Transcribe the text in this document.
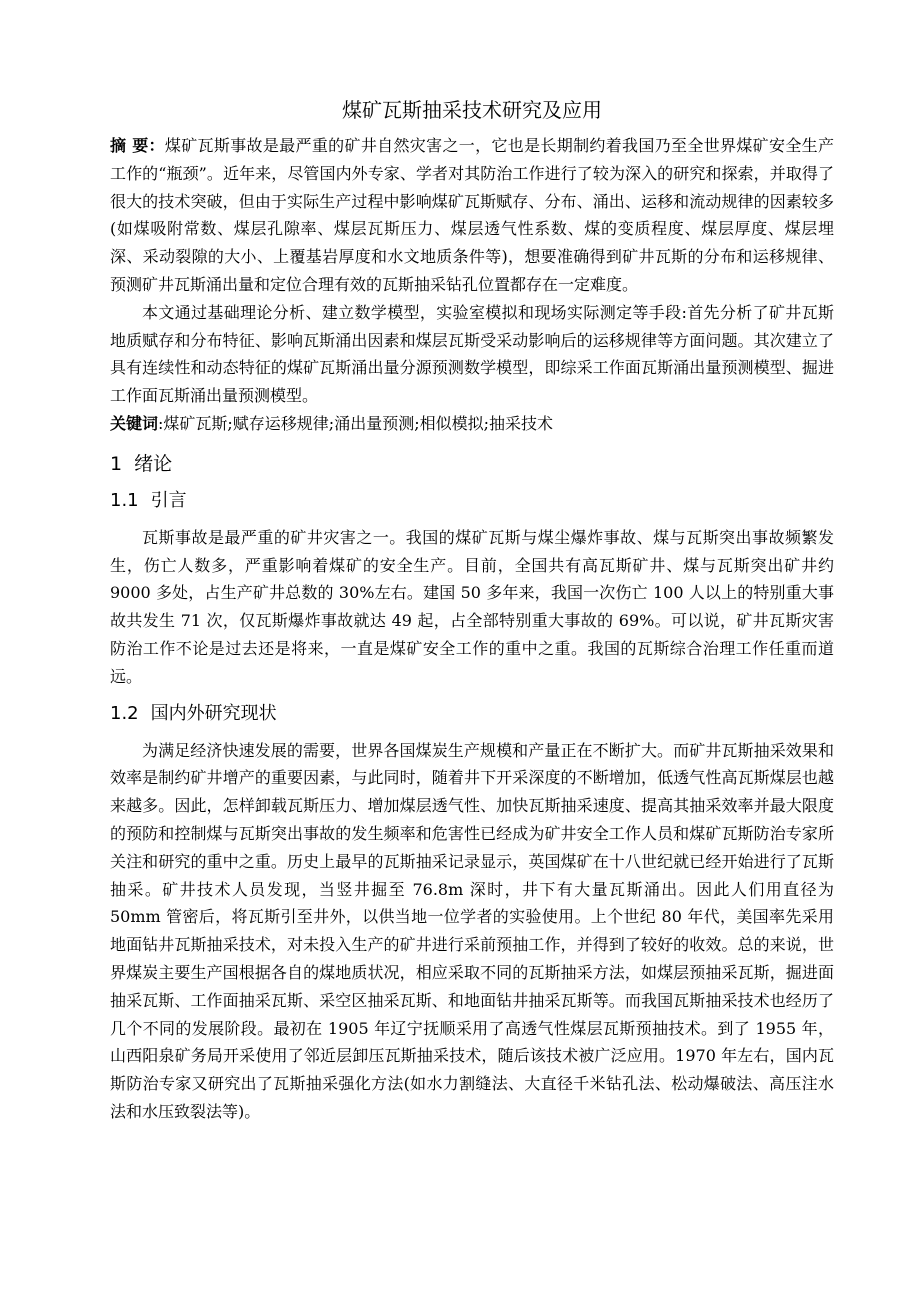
煤矿瓦斯抽采技术研究及应用

摘 要：煤矿瓦斯事故是最严重的矿井自然灾害之一，它也是长期制约着我国乃至全世界煤矿安全生产工作的“瓶颈”。近年来，尽管国内外专家、学者对其防治工作进行了较为深入的研究和探索，并取得了很大的技术突破，但由于实际生产过程中影响煤矿瓦斯赋存、分布、涌出、运移和流动规律的因素较多(如煤吸附常数、煤层孔隙率、煤层瓦斯压力、煤层透气性系数、煤的变质程度、煤层厚度、煤层埋深、采动裂隙的大小、上覆基岩厚度和水文地质条件等)，想要准确得到矿井瓦斯的分布和运移规律、预测矿井瓦斯涌出量和定位合理有效的瓦斯抽采钻孔位置都存在一定难度。

本文通过基础理论分析、建立数学模型，实验室模拟和现场实际测定等手段:首先分析了矿井瓦斯地质赋存和分布特征、影响瓦斯涌出因素和煤层瓦斯受采动影响后的运移规律等方面问题。其次建立了具有连续性和动态特征的煤矿瓦斯涌出量分源预测数学模型，即综采工作面瓦斯涌出量预测模型、掘进工作面瓦斯涌出量预测模型。

关键词:煤矿瓦斯;赋存运移规律;涌出量预测;相似模拟;抽采技术

1 绪论
1.1 引言

瓦斯事故是最严重的矿井灾害之一。我国的煤矿瓦斯与煤尘爆炸事故、煤与瓦斯突出事故频繁发生，伤亡人数多，严重影响着煤矿的安全生产。目前，全国共有高瓦斯矿井、煤与瓦斯突出矿井约 9000 多处，占生产矿井总数的 30%左右。建国 50 多年来，我国一次伤亡 100 人以上的特别重大事故共发生 71 次，仅瓦斯爆炸事故就达 49 起，占全部特别重大事故的 69%。可以说，矿井瓦斯灾害防治工作不论是过去还是将来，一直是煤矿安全工作的重中之重。我国的瓦斯综合治理工作任重而道远。

1.2 国内外研究现状

为满足经济快速发展的需要，世界各国煤炭生产规模和产量正在不断扩大。而矿井瓦斯抽采效果和效率是制约矿井增产的重要因素，与此同时，随着井下开采深度的不断增加，低透气性高瓦斯煤层也越来越多。因此，怎样卸载瓦斯压力、增加煤层透气性、加快瓦斯抽采速度、提高其抽采效率并最大限度的预防和控制煤与瓦斯突出事故的发生频率和危害性已经成为矿井安全工作人员和煤矿瓦斯防治专家所关注和研究的重中之重。历史上最早的瓦斯抽采记录显示，英国煤矿在十八世纪就已经开始进行了瓦斯抽采。矿井技术人员发现，当竖井掘至 76.8m 深时，井下有大量瓦斯涌出。因此人们用直径为 50mm 管密后，将瓦斯引至井外，以供当地一位学者的实验使用。上个世纪 80 年代，美国率先采用地面钻井瓦斯抽采技术，对未投入生产的矿井进行采前预抽工作，并得到了较好的收效。总的来说，世界煤炭主要生产国根据各自的煤地质状况，相应采取不同的瓦斯抽采方法，如煤层预抽采瓦斯，掘进面抽采瓦斯、工作面抽采瓦斯、采空区抽采瓦斯、和地面钻井抽采瓦斯等。而我国瓦斯抽采技术也经历了几个不同的发展阶段。最初在 1905 年辽宁抚顺采用了高透气性煤层瓦斯预抽技术。到了 1955 年，山西阳泉矿务局开采使用了邻近层卸压瓦斯抽采技术，随后该技术被广泛应用。1970 年左右，国内瓦斯防治专家又研究出了瓦斯抽采强化方法(如水力割缝法、大直径千米钻孔法、松动爆破法、高压注水法和水压致裂法等)。
